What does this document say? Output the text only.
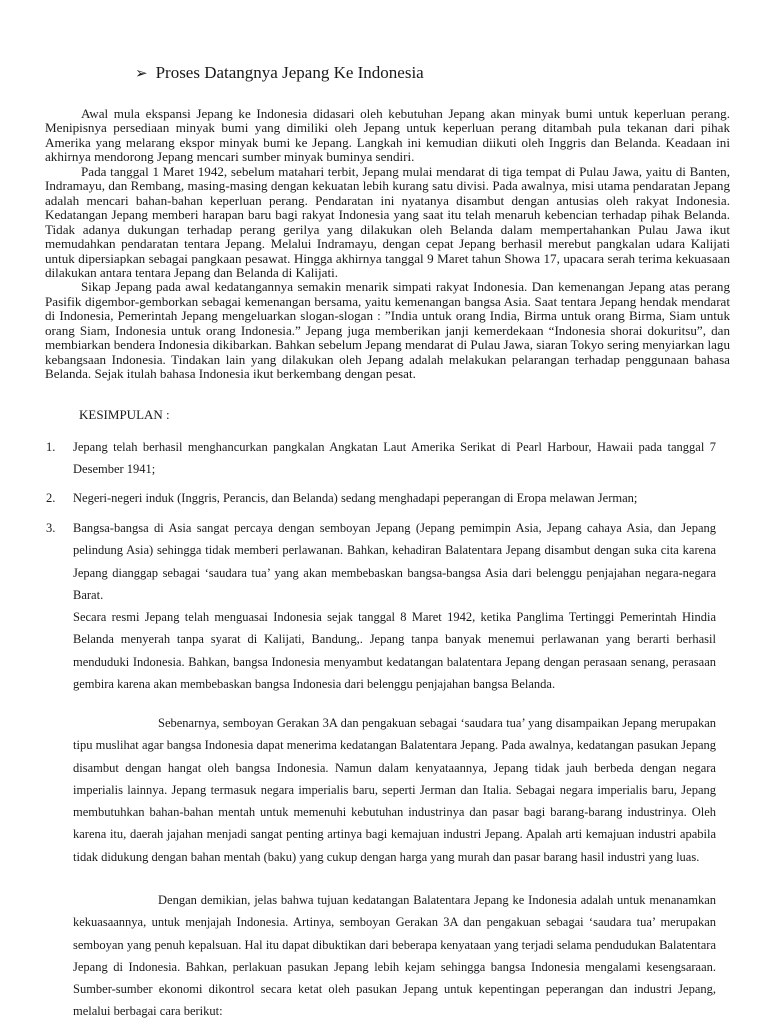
➢ Proses Datangnya Jepang Ke Indonesia

Awal mula ekspansi Jepang ke Indonesia didasari oleh kebutuhan Jepang akan minyak bumi untuk keperluan perang. Menipisnya persediaan minyak bumi yang dimiliki oleh Jepang untuk keperluan perang ditambah pula tekanan dari pihak Amerika yang melarang ekspor minyak bumi ke Jepang. Langkah ini kemudian diikuti oleh Inggris dan Belanda. Keadaan ini akhirnya mendorong Jepang mencari sumber minyak buminya sendiri.

Pada tanggal 1 Maret 1942, sebelum matahari terbit, Jepang mulai mendarat di tiga tempat di Pulau Jawa, yaitu di Banten, Indramayu, dan Rembang, masing-masing dengan kekuatan lebih kurang satu divisi. Pada awalnya, misi utama pendaratan Jepang adalah mencari bahan-bahan keperluan perang. Pendaratan ini nyatanya disambut dengan antusias oleh rakyat Indonesia. Kedatangan Jepang memberi harapan baru bagi rakyat Indonesia yang saat itu telah menaruh kebencian terhadap pihak Belanda. Tidak adanya dukungan terhadap perang gerilya yang dilakukan oleh Belanda dalam mempertahankan Pulau Jawa ikut memudahkan pendaratan tentara Jepang. Melalui Indramayu, dengan cepat Jepang berhasil merebut pangkalan udara Kalijati untuk dipersiapkan sebagai pangkaan pesawat. Hingga akhirnya tanggal 9 Maret tahun Showa 17, upacara serah terima kekuasaan dilakukan antara tentara Jepang dan Belanda di Kalijati.

Sikap Jepang pada awal kedatangannya semakin menarik simpati rakyat Indonesia. Dan kemenangan Jepang atas perang Pasifik digembor-gemborkan sebagai kemenangan bersama, yaitu kemenangan bangsa Asia. Saat tentara Jepang hendak mendarat di Indonesia, Pemerintah Jepang mengeluarkan slogan-slogan : ”India untuk orang India, Birma untuk orang Birma, Siam untuk orang Siam, Indonesia untuk orang Indonesia.” Jepang juga memberikan janji kemerdekaan “Indonesia shorai dokuritsu”, dan membiarkan bendera Indonesia dikibarkan. Bahkan sebelum Jepang mendarat di Pulau Jawa, siaran Tokyo sering menyiarkan lagu kebangsaan Indonesia. Tindakan lain yang dilakukan oleh Jepang adalah melakukan pelarangan terhadap penggunaan bahasa Belanda. Sejak itulah bahasa Indonesia ikut berkembang dengan pesat.

KESIMPULAN :
1. Jepang telah berhasil menghancurkan pangkalan Angkatan Laut Amerika Serikat di Pearl Harbour, Hawaii pada tanggal 7 Desember 1941;

2. Negeri-negeri induk (Inggris, Perancis, dan Belanda) sedang menghadapi peperangan di Eropa melawan Jerman;

3. Bangsa-bangsa di Asia sangat percaya dengan semboyan Jepang (Jepang pemimpin Asia, Jepang cahaya Asia, dan Jepang pelindung Asia) sehingga tidak memberi perlawanan. Bahkan, kehadiran Balatentara Jepang disambut dengan suka cita karena Jepang dianggap sebagai ‘saudara tua’ yang akan membebaskan bangsa-bangsa Asia dari belenggu penjajahan negara-negara Barat.

Secara resmi Jepang telah menguasai Indonesia sejak tanggal 8 Maret 1942, ketika Panglima Tertinggi Pemerintah Hindia Belanda menyerah tanpa syarat di Kalijati, Bandung,. Jepang tanpa banyak menemui perlawanan yang berarti berhasil menduduki Indonesia. Bahkan, bangsa Indonesia menyambut kedatangan balatentara Jepang dengan perasaan senang, perasaan gembira karena akan membebaskan bangsa Indonesia dari belenggu penjajahan bangsa Belanda.

Sebenarnya, semboyan Gerakan 3A dan pengakuan sebagai ‘saudara tua’ yang disampaikan Jepang merupakan tipu muslihat agar bangsa Indonesia dapat menerima kedatangan Balatentara Jepang. Pada awalnya, kedatangan pasukan Jepang disambut dengan hangat oleh bangsa Indonesia. Namun dalam kenyataannya, Jepang tidak jauh berbeda dengan negara imperialis lainnya. Jepang termasuk negara imperialis baru, seperti Jerman dan Italia. Sebagai negara imperialis baru, Jepang membutuhkan bahan-bahan mentah untuk memenuhi kebutuhan industrinya dan pasar bagi barang-barang industrinya. Oleh karena itu, daerah jajahan menjadi sangat penting artinya bagi kemajuan industri Jepang. Apalah arti kemajuan industri apabila tidak didukung dengan bahan mentah (baku) yang cukup dengan harga yang murah dan pasar barang hasil industri yang luas.

Dengan demikian, jelas bahwa tujuan kedatangan Balatentara Jepang ke Indonesia adalah untuk menanamkan kekuasaannya, untuk menjajah Indonesia. Artinya, semboyan Gerakan 3A dan pengakuan sebagai ‘saudara tua’ merupakan semboyan yang penuh kepalsuan. Hal itu dapat dibuktikan dari beberapa kenyataan yang terjadi selama pendudukan Balatentara Jepang di Indonesia. Bahkan, perlakuan pasukan Jepang lebih kejam sehingga bangsa Indonesia mengalami kesengsaraan. Sumber-sumber ekonomi dikontrol secara ketat oleh pasukan Jepang untuk kepentingan peperangan dan industri Jepang, melalui berbagai cara berikut:
